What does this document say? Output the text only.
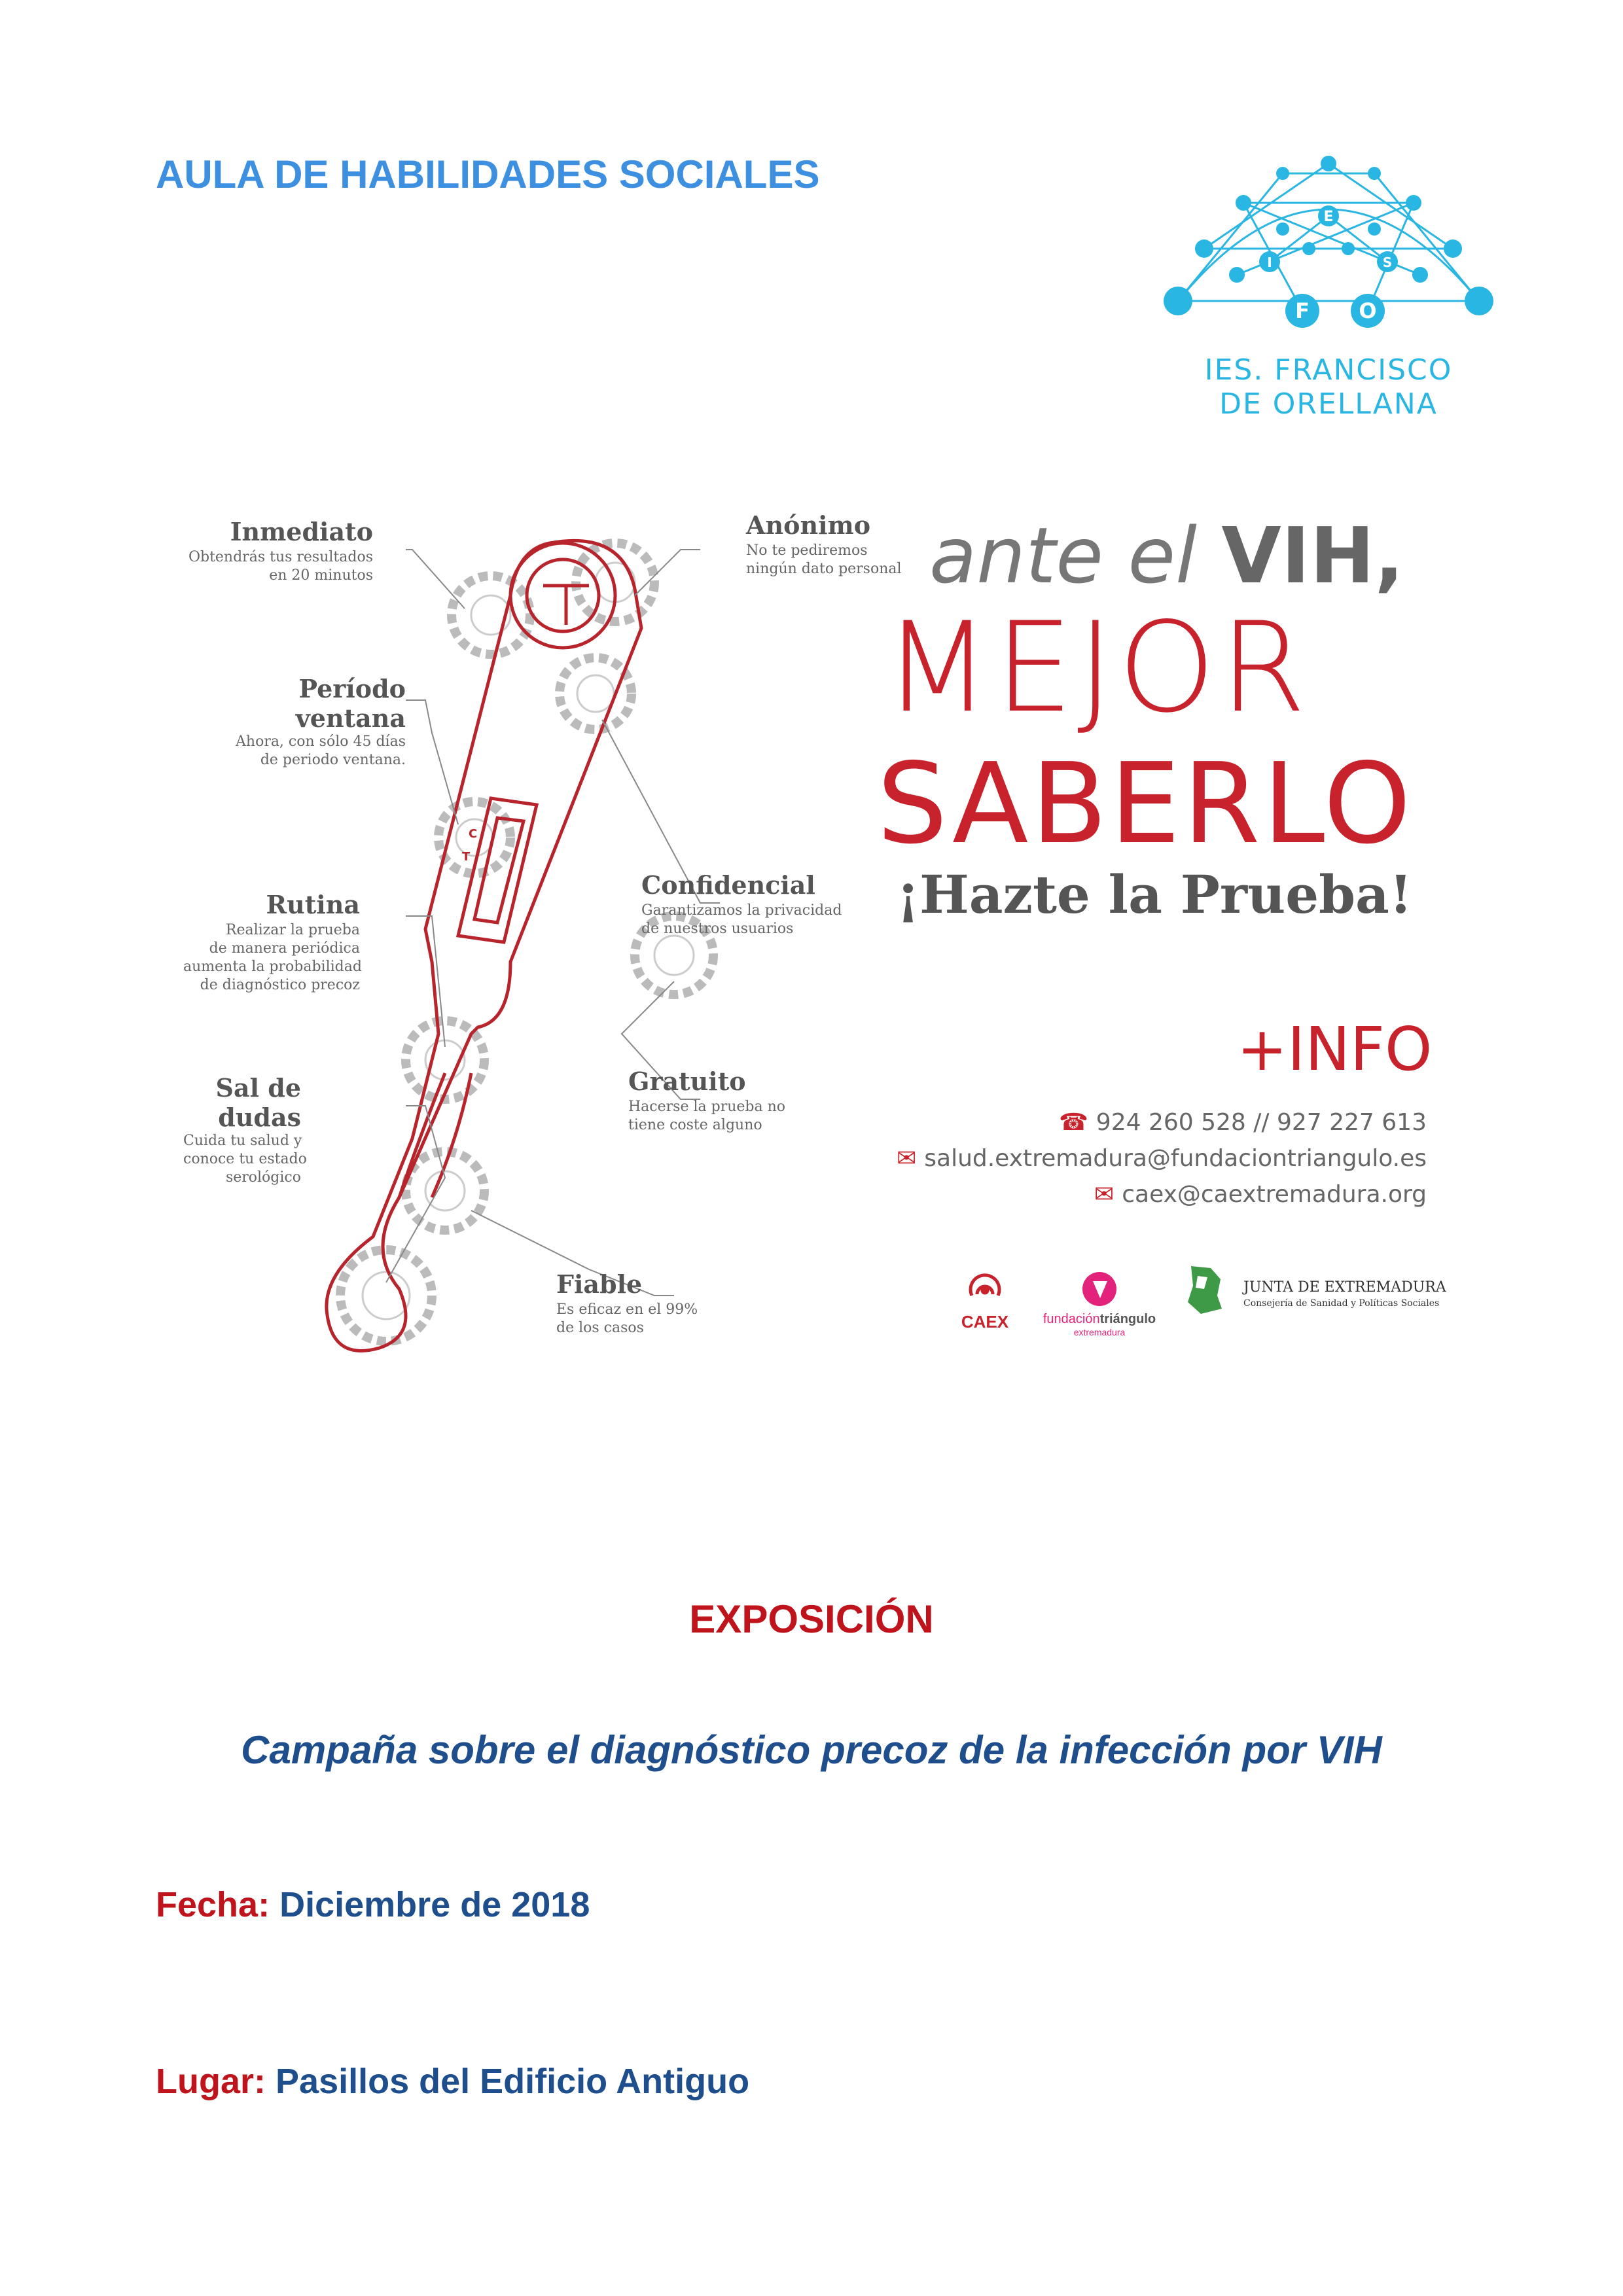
AULA DE HABILIDADES SOCIALES
I
E
S
F O
IES. FRANCISCO
DE ORELLANA
C
T
Inmediato
Obtendrás tus resultados
en 20 minutos
Anónimo
No te pediremos
ningún dato personal
Período
ventana
Ahora, con sólo 45 días
de periodo ventana.
Confidencial
Garantizamos la privacidad
de nuestros usuarios
Rutina
Realizar la prueba
de manera periódica
aumenta la probabilidad
de diagnóstico precoz
Gratuito
Hacerse la prueba no
tiene coste alguno
Sal de
dudas
Cuida tu salud y
conoce tu estado
serológico
Fiable
Es eficaz en el 99%
de los casos
ante el VIH,
MEJOR
SABERLO
¡Hazte la Prueba!
+INFO
☎ 924 260 528 // 927 227 613
✉ salud.extremadura@fundaciontriangulo.es
✉ caex@caextremadura.org
CAEX	fundacióntriángulo
extremadura
SES
JUNTA DE EXTREMADURA
Consejería de Sanidad y Políticas Sociales
EXPOSICIÓN
Campaña sobre el diagnóstico precoz de la infección por VIH
Fecha: Diciembre de 2018
Lugar: Pasillos del Edificio Antiguo
